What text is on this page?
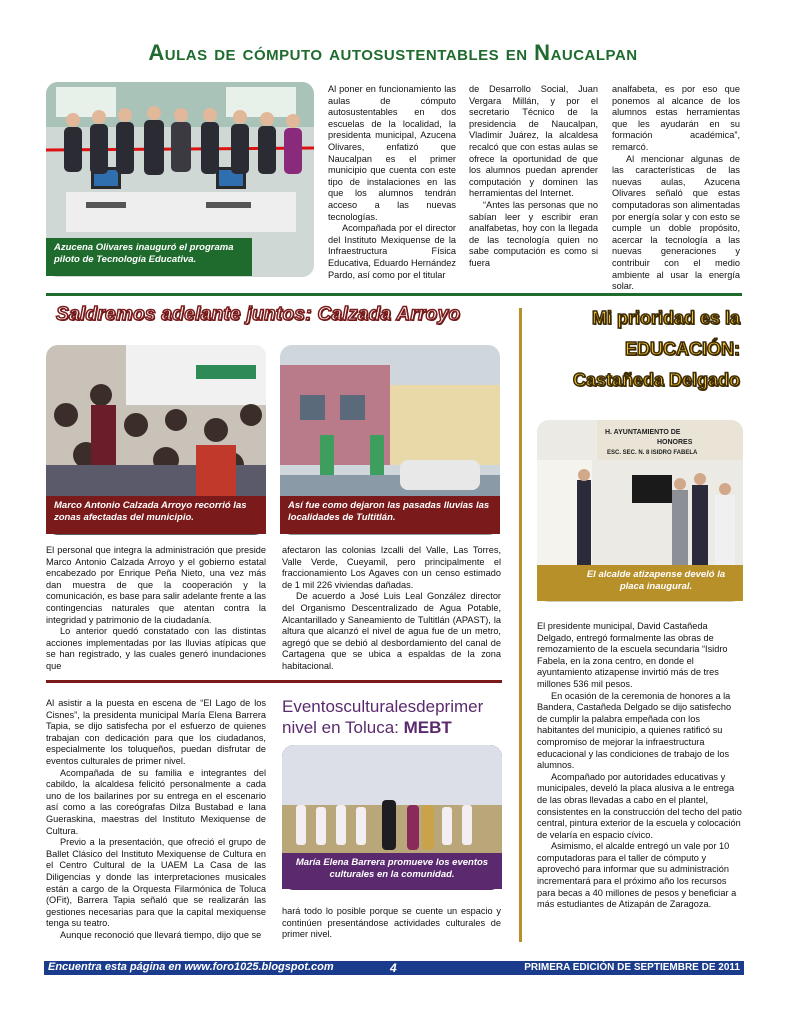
Aulas de cómputo autosustentables en Naucalpan
Azucena Olivares inauguró el programa piloto de Tecnología Educativa.

Al poner en funcionamiento las aulas de cómputo autosustentables en dos escuelas de la localidad, la presidenta municipal, Azucena Olivares, enfatizó que Naucalpan es el primer municipio que cuenta con este tipo de instalaciones en las que los alumnos tendrán acceso a las nuevas tecnologías.

Acompañada por el director del Instituto Mexiquense de la Infraestructura Física Educativa, Eduardo Hernández Pardo, así como por el titular

de Desarrollo Social, Juan Vergara Millán, y por el secretario Técnico de la presidencia de Naucalpan, Vladimir Juárez, la alcaldesa recalcó que con estas aulas se ofrece la oportunidad de que los alumnos puedan aprender computación y dominen las herramientas del Internet.

“Antes las personas que no sabían leer y escribir eran analfabetas, hoy con la llegada de las tecnología quien no sabe computación es como si fuera

analfabeta, es por eso que ponemos al alcance de los alumnos estas herramientas que les ayudarán en su formación académica”, remarcó.

Al mencionar algunas de las características de las nuevas aulas, Azucena Olivares señaló que estas computadoras son alimentadas por energía solar y con esto se cumple un doble propósito, acercar la tecnología a las nuevas generaciones y contribuir con el medio ambiente al usar la energía solar.

Saldremos adelante juntos: Calzada Arroyo
Marco Antonio Calzada Arroyo recorrió las zonas afectadas del municipio.
Así fue como dejaron las pasadas lluvias las localidades de Tultitlán.

El personal que integra la administración que preside Marco Antonio Calzada Arroyo y el gobierno estatal encabezado por Enrique Peña Nieto, una vez más dan muestra de que la cooperación y la comunicación, es base para salir adelante frente a las contingencias naturales que atentan contra la integridad y patrimonio de la ciudadanía.

Lo anterior quedó constatado con las distintas acciones implementadas por las lluvias atípicas que se han registrado, y las cuales generó inundaciones que

afectaron las colonias Izcalli del Valle, Las Torres, Valle Verde, Cueyamil, pero principalmente el fraccionamiento Los Agaves con un censo estimado de 1 mil 226 viviendas dañadas.

De acuerdo a José Luis Leal González director del Organismo Descentralizado de Agua Potable, Alcantarillado y Saneamiento de Tultitlán (APAST), la altura que alcanzó el nivel de agua fue de un metro, agregó que se debió al desbordamiento del canal de Cartagena que se ubica a espaldas de la zona habitacional.

Mi prioridad es la
EDUCACIÓN:
Castañeda Delgado
H. AYUNTAMIENTO DE
HONORES
ESC. SEC. N. 8 ISIDRO FABELA
El alcalde atizapense develó la placa inaugural.

El presidente municipal, David Castañeda Delgado, entregó formalmente las obras de remozamiento de la escuela secundaria “Isidro Fabela, en la zona centro, en donde el ayuntamiento atizapense invirtió más de tres millones 536 mil pesos.

En ocasión de la ceremonia de honores a la Bandera, Castañeda Delgado se dijo satisfecho de cumplir la palabra empeñada con los habitantes del municipio, a quienes ratificó su compromiso de mejorar la infraestructura educacional y las condiciones de trabajo de los alumnos.

Acompañado por autoridades educativas y municipales, develó la placa alusiva a le entrega de las obras llevadas a cabo en el plantel, consistentes en la construcción del techo del patio central, pintura exterior de la escuela y colocación de velaría en espacio cívico.

Asimismo, el alcalde entregó un vale por 10 computadoras para el taller de cómputo y aprovechó para informar que su administración incrementará para el próximo año los recursos para becas a 40 millones de pesos y beneficiar a más estudiantes de Atizapán de Zaragoza.

Eventosculturalesdeprimer
nivel en Toluca: MEBT
María Elena Barrera promueve los eventos culturales en la comunidad.

Al asistir a la puesta en escena de “El Lago de los Cisnes”, la presidenta municipal María Elena Barrera Tapia, se dijo satisfecha por el esfuerzo de quienes trabajan con dedicación para que los ciudadanos, especialmente los toluqueños, puedan disfrutar de eventos culturales de primer nivel.

Acompañada de su familia e integrantes del cabildo, la alcaldesa felicitó personalmente a cada uno de los bailarines por su entrega en el escenario así como a las coreógrafas Dilza Bustabad e Iana Gueraskina, maestras del Instituto Mexiquense de Cultura.

Previo a la presentación, que ofreció el grupo de Ballet Clásico del Instituto Mexiquense de Cultura en el Centro Cultural de la UAEM La Casa de las Diligencias y donde las interpretaciones musicales están a cargo de la Orquesta Filarmónica de Toluca (OFit), Barrera Tapia señaló que se realizarán las gestiones necesarias para que la capital mexiquense tenga su teatro.

Aunque reconoció que llevará tiempo, dijo que se

hará todo lo posible porque se cuente un espacio y continúen presentándose actividades culturales de primer nivel.

Encuentra esta página en www.foro1025.blogspot.com	4	PRIMERA EDICIÓN DE SEPTIEMBRE DE 2011
